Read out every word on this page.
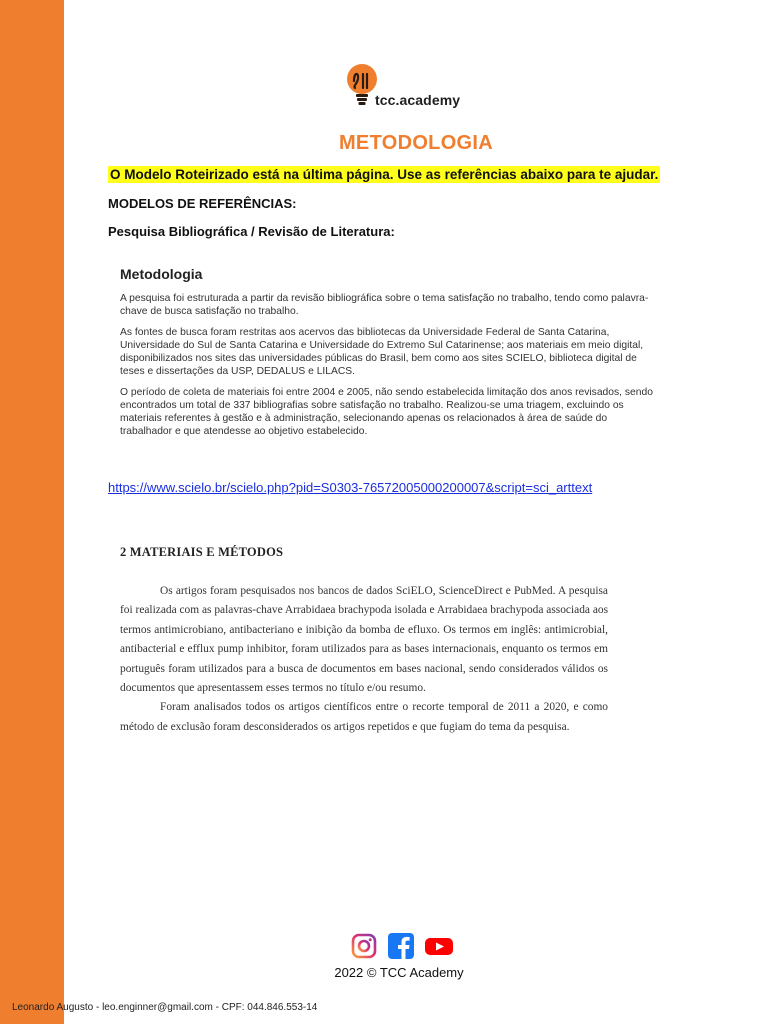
tcc.academy
METODOLOGIA
O Modelo Roteirizado está na última página. Use as referências abaixo para te ajudar.
MODELOS DE REFERÊNCIAS:
Pesquisa Bibliográfica / Revisão de Literatura:
Metodologia

A pesquisa foi estruturada a partir da revisão bibliográfica sobre o tema satisfação no trabalho, tendo como palavra-chave de busca satisfação no trabalho.

As fontes de busca foram restritas aos acervos das bibliotecas da Universidade Federal de Santa Catarina, Universidade do Sul de Santa Catarina e Universidade do Extremo Sul Catarinense; aos materiais em meio digital, disponibilizados nos sites das universidades públicas do Brasil, bem como aos sites SCIELO, biblioteca digital de teses e dissertações da USP, DEDALUS e LILACS.

O período de coleta de materiais foi entre 2004 e 2005, não sendo estabelecida limitação dos anos revisados, sendo encontrados um total de 337 bibliografias sobre satisfação no trabalho. Realizou-se uma triagem, excluindo os materiais referentes à gestão e à administração, selecionando apenas os relacionados à área de saúde do trabalhador e que atendesse ao objetivo estabelecido.

https://www.scielo.br/scielo.php?pid=S0303-76572005000200007&script=sci_arttext
2 MATERIAIS E MÉTODOS

Os artigos foram pesquisados nos bancos de dados SciELO, ScienceDirect e PubMed. A pesquisa foi realizada com as palavras-chave Arrabidaea brachypoda isolada e Arrabidaea brachypoda associada aos termos antimicrobiano, antibacteriano e inibição da bomba de efluxo. Os termos em inglês: antimicrobial, antibacterial e efflux pump inhibitor, foram utilizados para as bases internacionais, enquanto os termos em português foram utilizados para a busca de documentos em bases nacional, sendo considerados válidos os documentos que apresentassem esses termos no título e/ou resumo.

Foram analisados todos os artigos científicos entre o recorte temporal de 2011 a 2020, e como método de exclusão foram desconsiderados os artigos repetidos e que fugiam do tema da pesquisa.

2022 © TCC Academy
Leonardo Augusto - leo.enginner@gmail.com - CPF: 044.846.553-14
